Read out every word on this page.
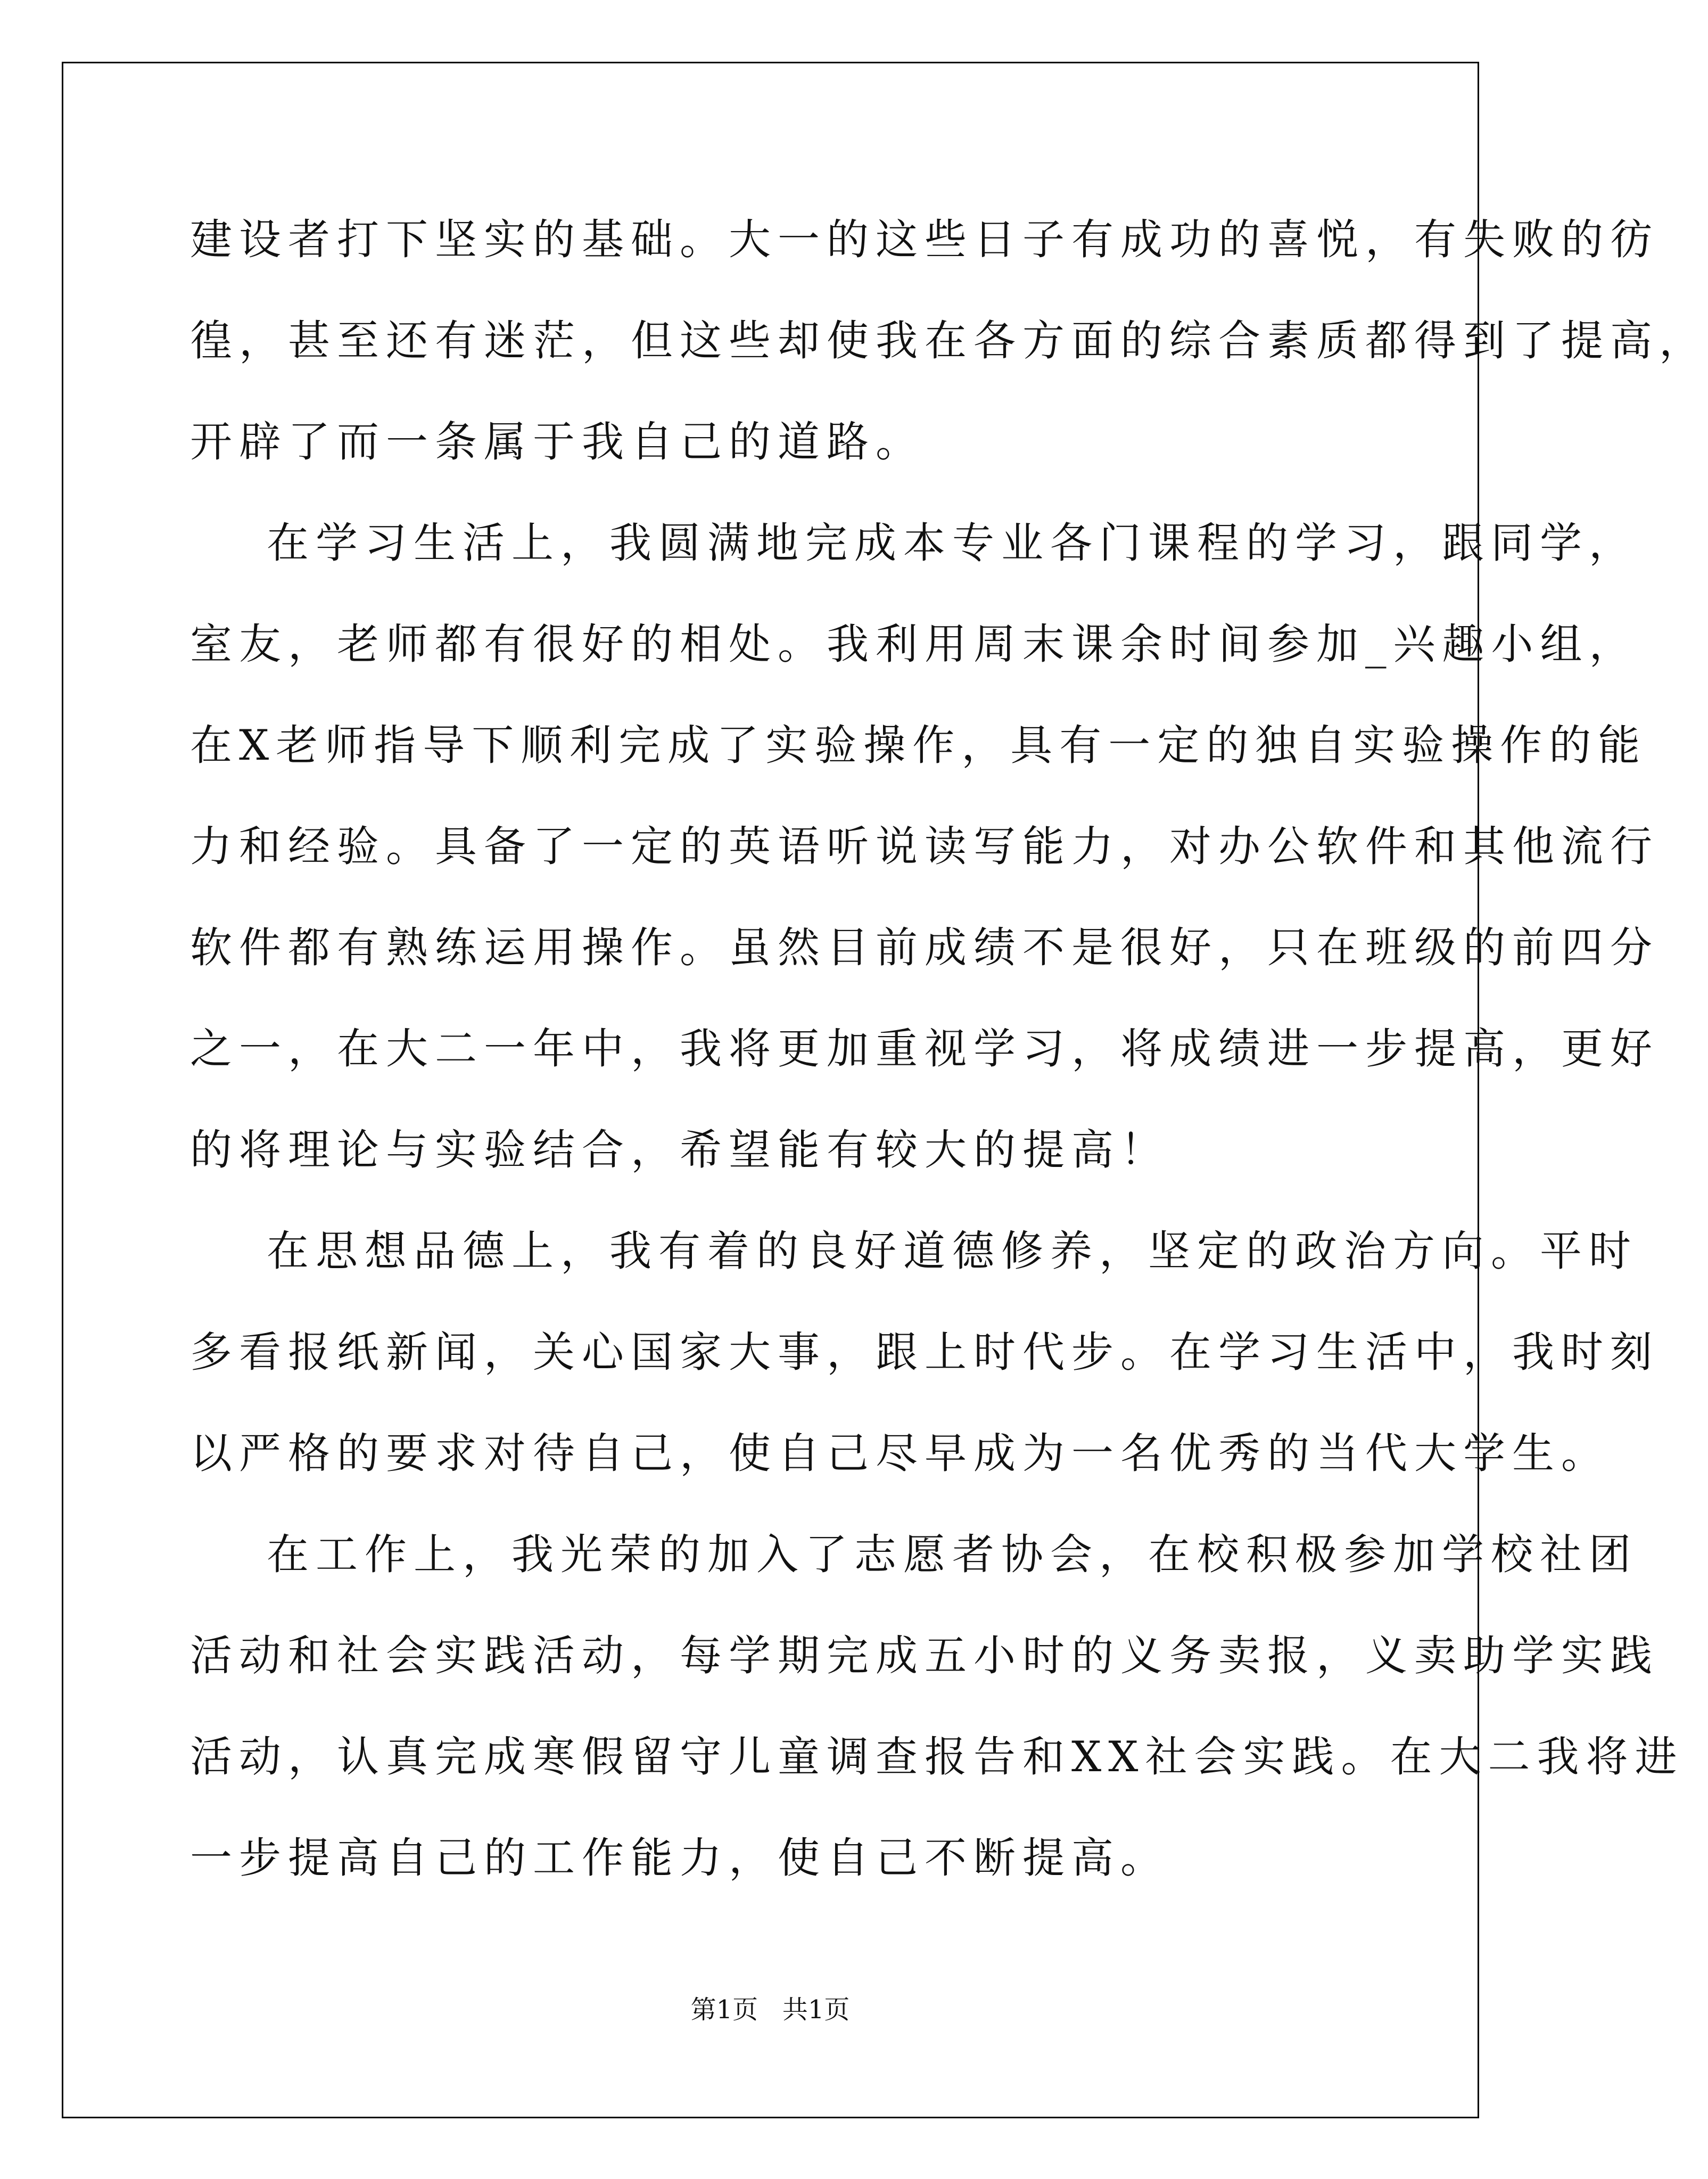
建设者打下坚实的基础。大一的这些日子有成功的喜悦，有失败的彷
徨，甚至还有迷茫，但这些却使我在各方面的综合素质都得到了提高，
开辟了而一条属于我自己的道路。
在学习生活上，我圆满地完成本专业各门课程的学习，跟同学，
室友，老师都有很好的相处。我利用周末课余时间参加_兴趣小组，
在X老师指导下顺利完成了实验操作，具有一定的独自实验操作的能
力和经验。具备了一定的英语听说读写能力，对办公软件和其他流行
软件都有熟练运用操作。虽然目前成绩不是很好，只在班级的前四分
之一，在大二一年中，我将更加重视学习，将成绩进一步提高，更好
的将理论与实验结合，希望能有较大的提高！
在思想品德上，我有着的良好道德修养，坚定的政治方向。平时
多看报纸新闻，关心国家大事，跟上时代步。在学习生活中，我时刻
以严格的要求对待自己，使自己尽早成为一名优秀的当代大学生。
在工作上，我光荣的加入了志愿者协会，在校积极参加学校社团
活动和社会实践活动，每学期完成五小时的义务卖报，义卖助学实践
活动，认真完成寒假留守儿童调查报告和XX社会实践。在大二我将进
一步提高自己的工作能力，使自己不断提高。
第1页   共1页
